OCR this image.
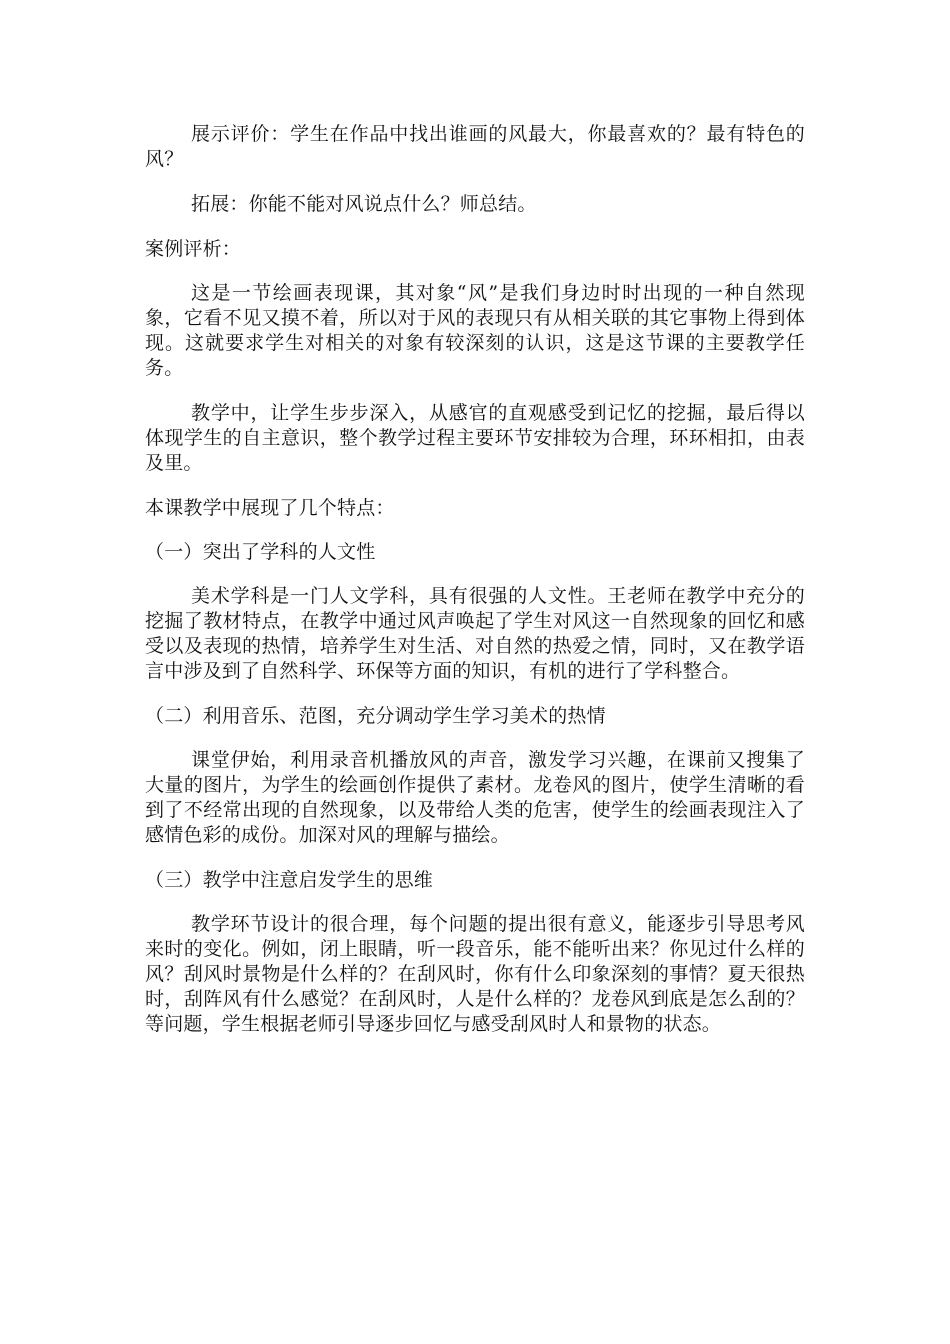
展示评价：学生在作品中找出谁画的风最大，你最喜欢的？最有特色的风？

拓展：你能不能对风说点什么？师总结。

案例评析：

这是一节绘画表现课，其对象“风”是我们身边时时出现的一种自然现象，它看不见又摸不着，所以对于风的表现只有从相关联的其它事物上得到体现。这就要求学生对相关的对象有较深刻的认识，这是这节课的主要教学任务。

教学中，让学生步步深入，从感官的直观感受到记忆的挖掘，最后得以体现学生的自主意识，整个教学过程主要环节安排较为合理，环环相扣，由表及里。

本课教学中展现了几个特点：

（一）突出了学科的人文性

美术学科是一门人文学科，具有很强的人文性。王老师在教学中充分的挖掘了教材特点，在教学中通过风声唤起了学生对风这一自然现象的回忆和感受以及表现的热情，培养学生对生活、对自然的热爱之情，同时，又在教学语言中涉及到了自然科学、环保等方面的知识，有机的进行了学科整合。

（二）利用音乐、范图，充分调动学生学习美术的热情

课堂伊始，利用录音机播放风的声音，激发学习兴趣，在课前又搜集了大量的图片，为学生的绘画创作提供了素材。龙卷风的图片，使学生清晰的看到了不经常出现的自然现象，以及带给人类的危害，使学生的绘画表现注入了感情色彩的成份。加深对风的理解与描绘。

（三）教学中注意启发学生的思维

教学环节设计的很合理，每个问题的提出很有意义，能逐步引导思考风来时的变化。例如，闭上眼睛，听一段音乐，能不能听出来？你见过什么样的风？刮风时景物是什么样的？在刮风时，你有什么印象深刻的事情？夏天很热时，刮阵风有什么感觉？在刮风时，人是什么样的？龙卷风到底是怎么刮的？等问题，学生根据老师引导逐步回忆与感受刮风时人和景物的状态。
